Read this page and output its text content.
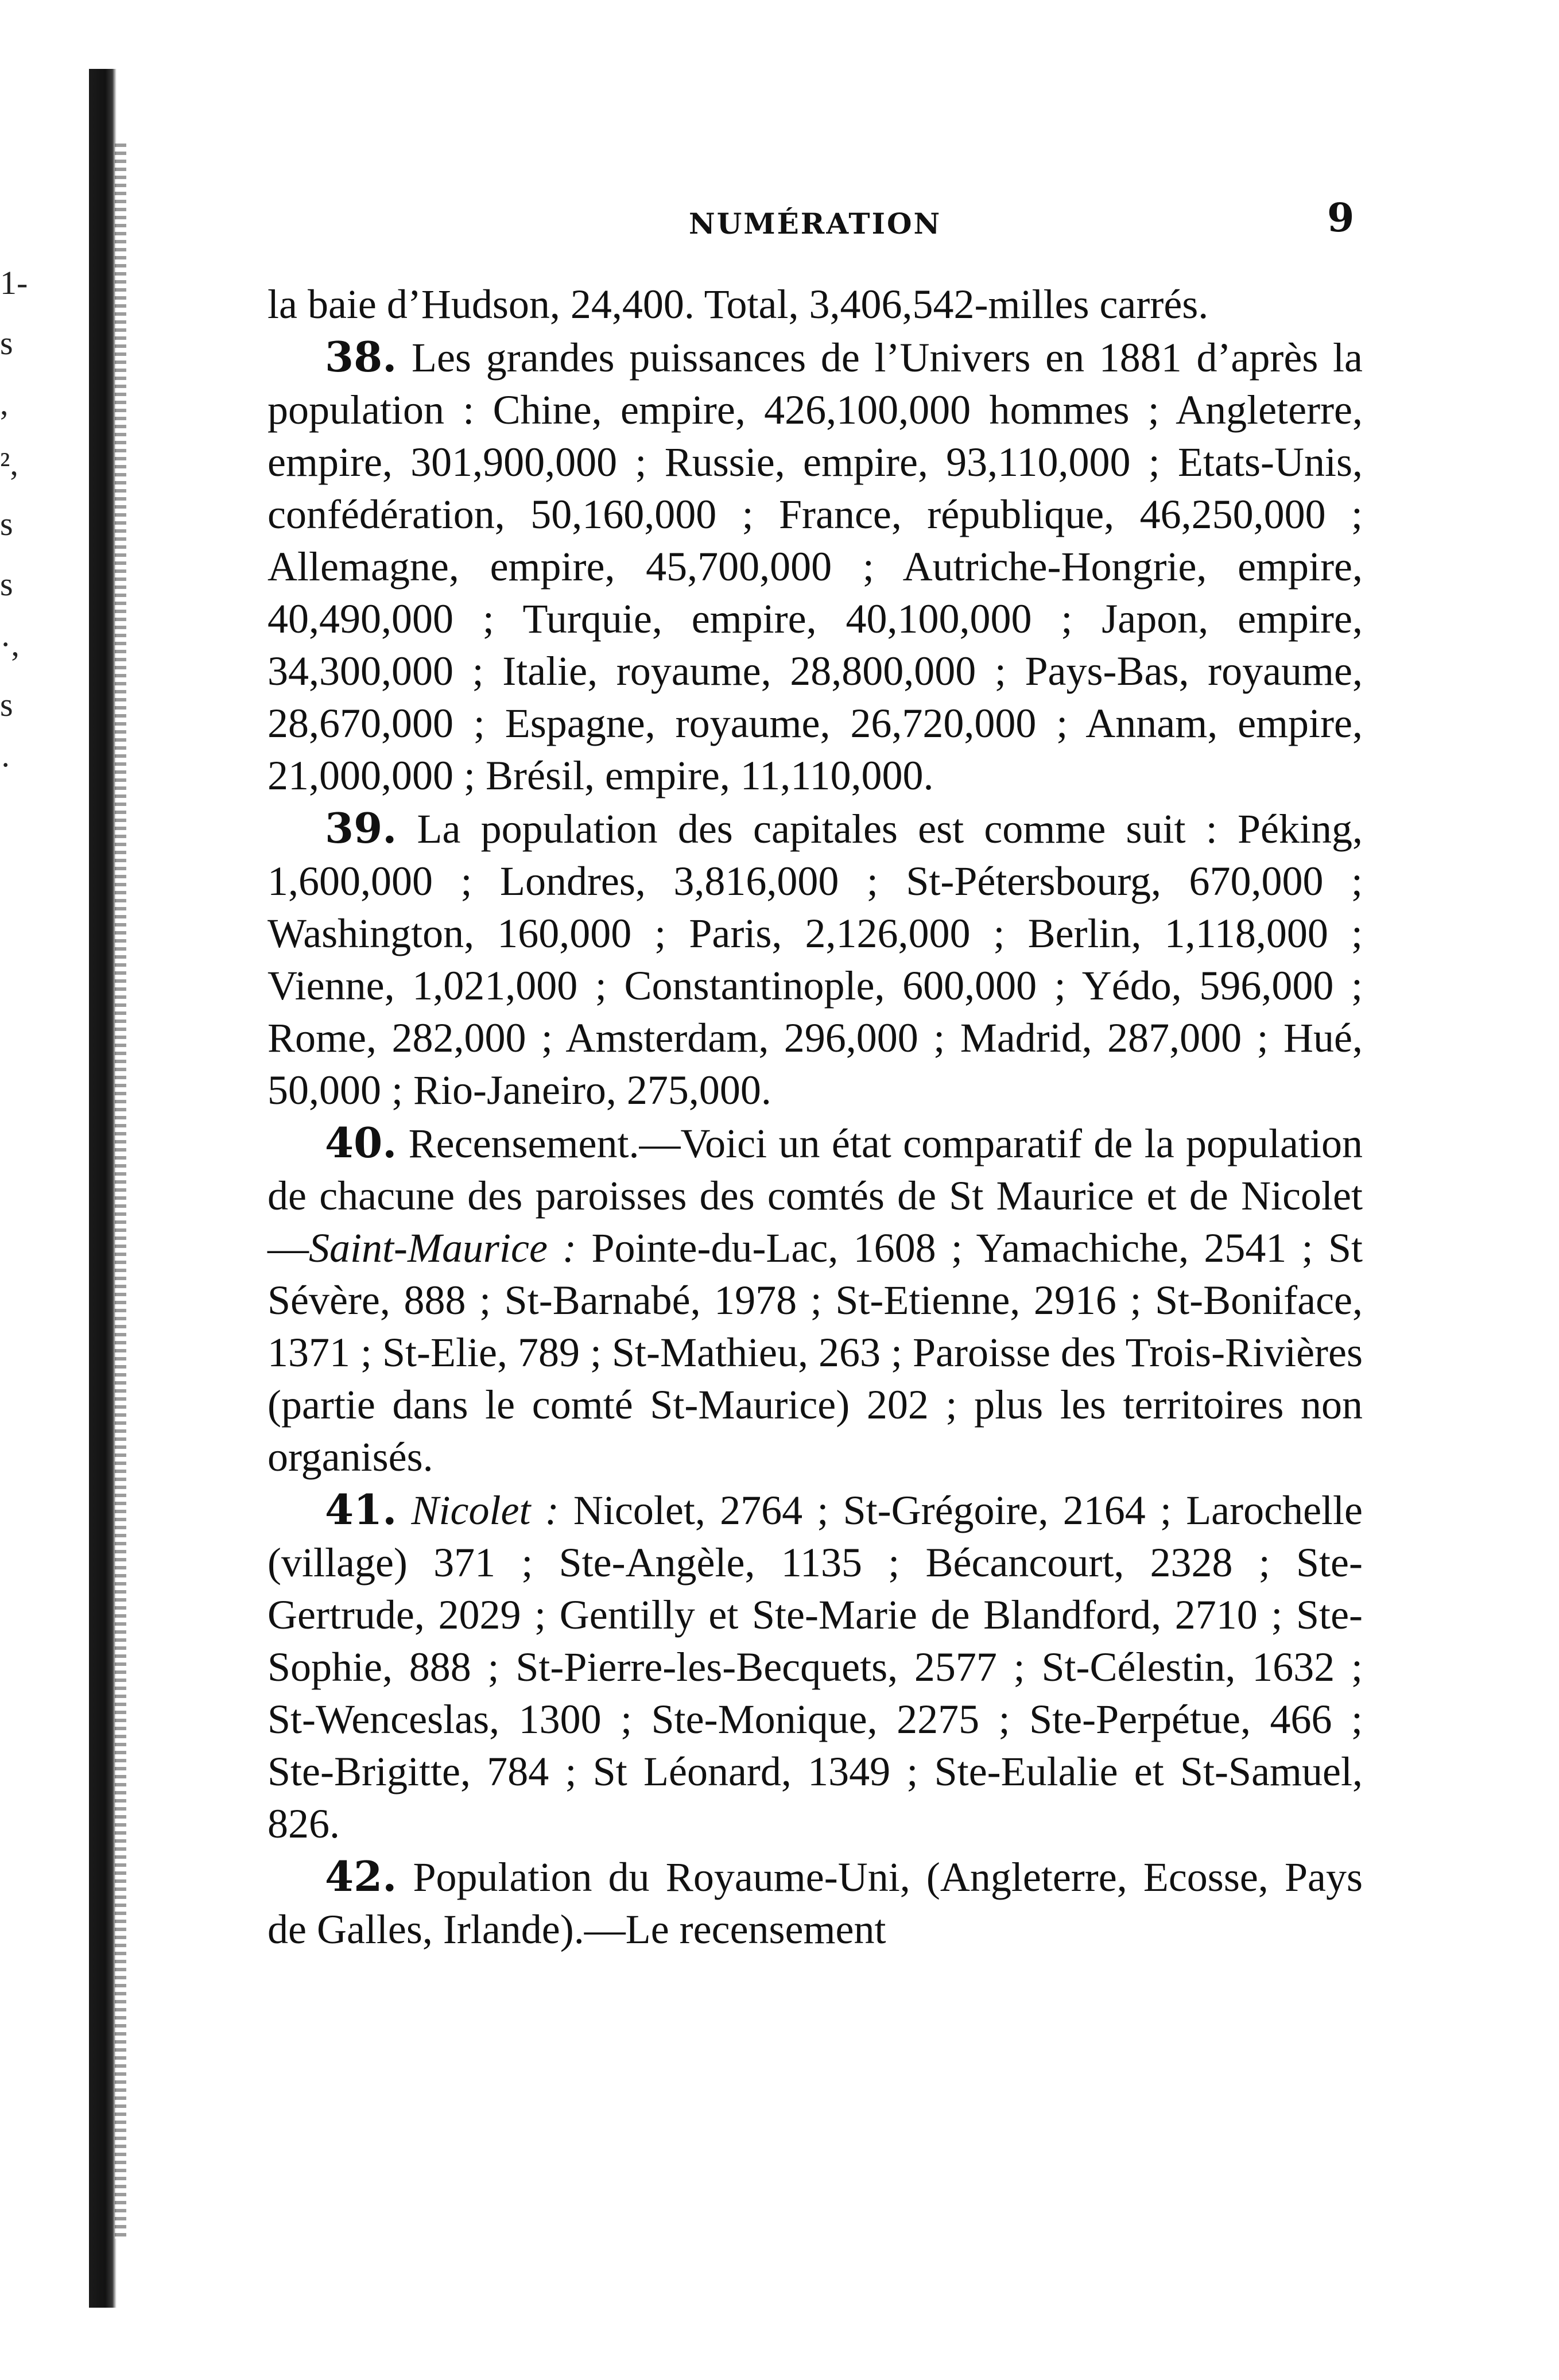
1-
s
,
²,
s
s
·,
s
·
NUMÉRATION	9

la baie d’Hudson, 24,400. Total, 3,406,542-milles carrés.

38. Les grandes puissances de l’Univers en 1881 d’après la population : Chine, empire, 426,100,000 hommes ; Angleterre, empire, 301,900,000 ; Russie, empire, 93,110,000 ; Etats-Unis, confédération, 50,160,000 ; France, république, 46,250,000 ; Allemagne, empire, 45,700,000 ; Autriche-Hongrie, empire, 40,490,000 ; Turquie, empire, 40,100,000 ; Japon, empire, 34,300,000 ; Italie, royaume, 28,800,000 ; Pays-Bas, royaume, 28,670,000 ; Espagne, royaume, 26,720,000 ; Annam, empire, 21,000,000 ; Brésil, empire, 11,110,000.

39. La population des capitales est comme suit : Péking, 1,600,000 ; Londres, 3,816,000 ; St-Pétersbourg, 670,000 ; Washington, 160,000 ; Paris, 2,126,000 ; Berlin, 1,118,000 ; Vienne, 1,021,000 ; Constantinople, 600,000 ; Yédo, 596,000 ; Rome, 282,000 ; Amsterdam, 296,000 ; Madrid, 287,000 ; Hué, 50,000 ; Rio-Janeiro, 275,000.

40. Recensement.—Voici un état comparatif de la population de chacune des paroisses des comtés de St Maurice et de Nicolet—Saint-Maurice : Pointe-du-Lac, 1608 ; Yamachiche, 2541 ; St Sévère, 888 ; St-Barnabé, 1978 ; St-Etienne, 2916 ; St-Boniface, 1371 ; St-Elie, 789 ; St-Mathieu, 263 ; Paroisse des Trois-Rivières (partie dans le comté St-Maurice) 202 ; plus les territoires non organisés.

41. Nicolet : Nicolet, 2764 ; St-Grégoire, 2164 ; Larochelle (village) 371 ; Ste-Angèle, 1135 ; Bécancourt, 2328 ; Ste-Gertrude, 2029 ; Gentilly et Ste-Marie de Blandford, 2710 ; Ste-Sophie, 888 ; St-Pierre-les-Becquets, 2577 ; St-Célestin, 1632 ; St-Wenceslas, 1300 ; Ste-Monique, 2275 ; Ste-Perpétue, 466 ; Ste-Brigitte, 784 ; St Léonard, 1349 ; Ste-Eulalie et St-Samuel, 826.

42. Population du Royaume-Uni, (Angleterre, Ecosse, Pays de Galles, Irlande).—Le recensement
